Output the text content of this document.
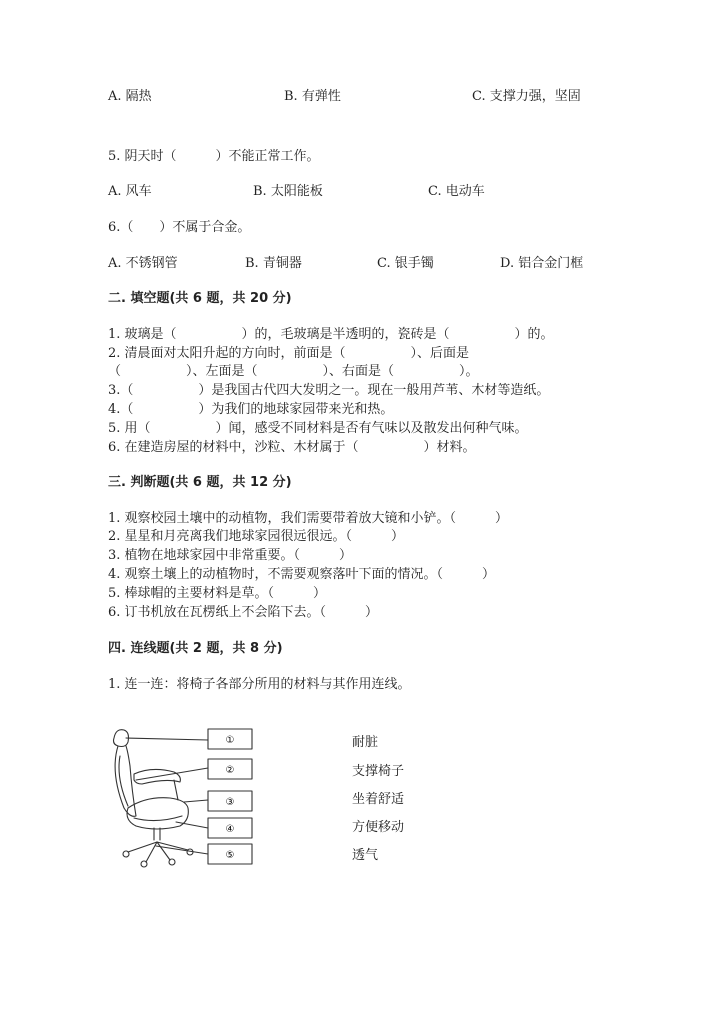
A. 隔热	B. 有弹性	C. 支撑力强，坚固
5. 阴天时（　　　）不能正常工作。
A. 风车	B. 太阳能板	C. 电动车
6.（　　）不属于合金。
A. 不锈钢管	B. 青铜器	C. 银手镯	D. 铝合金门框
二. 填空题(共 6 题，共 20 分)
1. 玻璃是（　　　　　）的，毛玻璃是半透明的，瓷砖是（　　　　　）的。
2. 清晨面对太阳升起的方向时，前面是（　　　　　）、后面是
（　　　　　）、左面是（　　　　　）、右面是（　　　　　）。
3.（　　　　　）是我国古代四大发明之一。现在一般用芦苇、木材等造纸。
4.（　　　　　）为我们的地球家园带来光和热。
5. 用（　　　　　）闻，感受不同材料是否有气味以及散发出何种气味。
6. 在建造房屋的材料中，沙粒、木材属于（　　　　　）材料。
三. 判断题(共 6 题，共 12 分)
1. 观察校园土壤中的动植物，我们需要带着放大镜和小铲。（　　　）
2. 星星和月亮离我们地球家园很远很远。（　　　）
3. 植物在地球家园中非常重要。（　　　）
4. 观察土壤上的动植物时，不需要观察落叶下面的情况。（　　　）
5. 棒球帽的主要材料是草。（　　　）
6. 订书机放在瓦楞纸上不会陷下去。（　　　）
四. 连线题(共 2 题，共 8 分)
1. 连一连：将椅子各部分所用的材料与其作用连线。
①
②
③
④
⑤
耐脏
支撑椅子
坐着舒适
方便移动
透气
